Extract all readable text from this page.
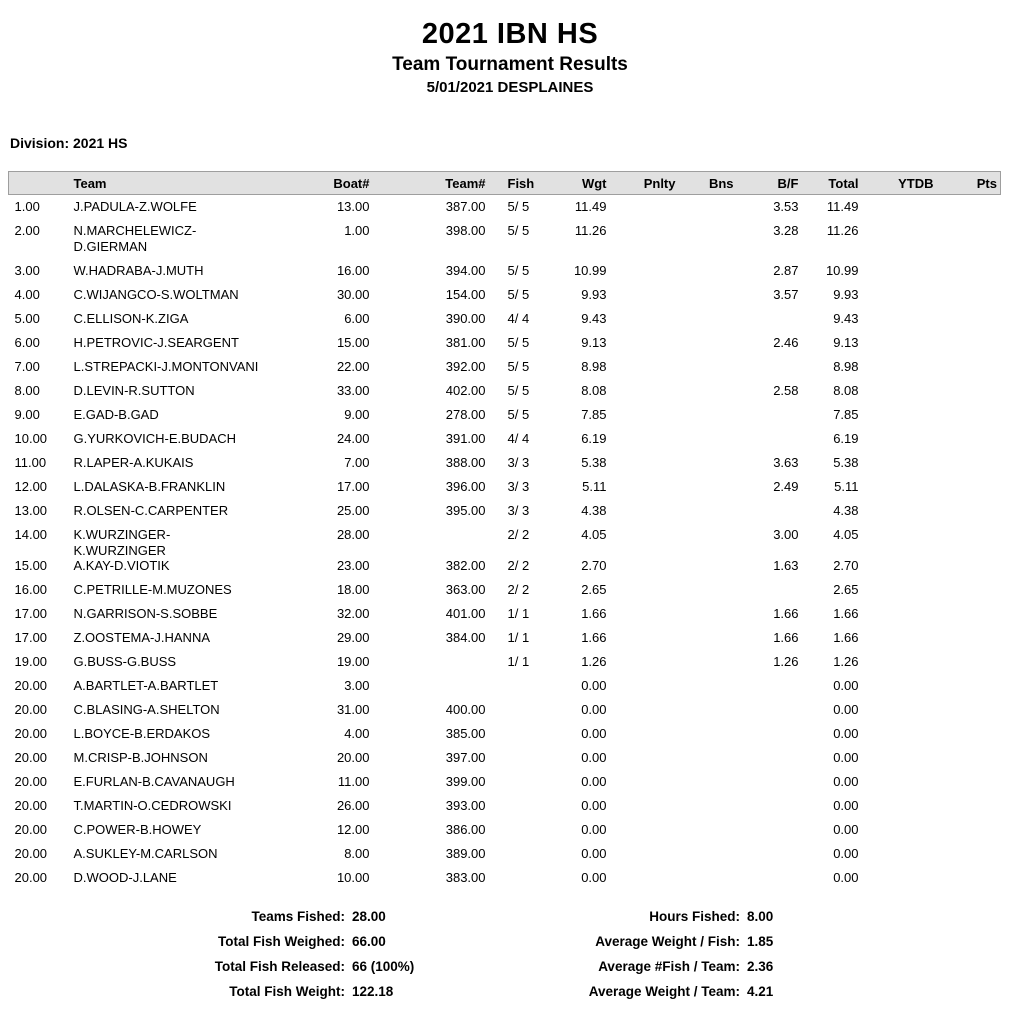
2021 IBN HS
Team Tournament Results
5/01/2021 DESPLAINES
Division: 2021 HS
	Team	Boat#	Team#	Fish	Wgt	Pnlty	Bns	B/F	Total	YTDB	Pts
1.00	J.PADULA-Z.WOLFE	13.00	387.00	5/ 5	11.49			3.53	11.49		
2.00	N.MARCHELEWICZ-
D.GIERMAN	1.00	398.00	5/ 5	11.26			3.28	11.26		
3.00	W.HADRABA-J.MUTH	16.00	394.00	5/ 5	10.99			2.87	10.99		
4.00	C.WIJANGCO-S.WOLTMAN	30.00	154.00	5/ 5	9.93			3.57	9.93		
5.00	C.ELLISON-K.ZIGA	6.00	390.00	4/ 4	9.43				9.43		
6.00	H.PETROVIC-J.SEARGENT	15.00	381.00	5/ 5	9.13			2.46	9.13		
7.00	L.STREPACKI-J.MONTONVANI	22.00	392.00	5/ 5	8.98				8.98		
8.00	D.LEVIN-R.SUTTON	33.00	402.00	5/ 5	8.08			2.58	8.08		
9.00	E.GAD-B.GAD	9.00	278.00	5/ 5	7.85				7.85		
10.00	G.YURKOVICH-E.BUDACH	24.00	391.00	4/ 4	6.19				6.19		
11.00	R.LAPER-A.KUKAIS	7.00	388.00	3/ 3	5.38			3.63	5.38		
12.00	L.DALASKA-B.FRANKLIN	17.00	396.00	3/ 3	5.11			2.49	5.11		
13.00	R.OLSEN-C.CARPENTER	25.00	395.00	3/ 3	4.38				4.38		
14.00	K.WURZINGER-
K.WURZINGER	28.00		2/ 2	4.05			3.00	4.05		
15.00	A.KAY-D.VIOTIK	23.00	382.00	2/ 2	2.70			1.63	2.70		
16.00	C.PETRILLE-M.MUZONES	18.00	363.00	2/ 2	2.65				2.65		
17.00	N.GARRISON-S.SOBBE	32.00	401.00	1/ 1	1.66			1.66	1.66		
17.00	Z.OOSTEMA-J.HANNA	29.00	384.00	1/ 1	1.66			1.66	1.66		
19.00	G.BUSS-G.BUSS	19.00		1/ 1	1.26			1.26	1.26		
20.00	A.BARTLET-A.BARTLET	3.00			0.00				0.00		
20.00	C.BLASING-A.SHELTON	31.00	400.00		0.00				0.00		
20.00	L.BOYCE-B.ERDAKOS	4.00	385.00		0.00				0.00		
20.00	M.CRISP-B.JOHNSON	20.00	397.00		0.00				0.00		
20.00	E.FURLAN-B.CAVANAUGH	11.00	399.00		0.00				0.00		
20.00	T.MARTIN-O.CEDROWSKI	26.00	393.00		0.00				0.00		
20.00	C.POWER-B.HOWEY	12.00	386.00		0.00				0.00		
20.00	A.SUKLEY-M.CARLSON	8.00	389.00		0.00				0.00		
20.00	D.WOOD-J.LANE	10.00	383.00		0.00				0.00		
Teams Fished: 28.00	Hours Fished: 8.00
Total Fish Weighed: 66.00	Average Weight / Fish: 1.85
Total Fish Released: 66 (100%)	Average #Fish / Team: 2.36
Total Fish Weight: 122.18	Average Weight / Team: 4.21
